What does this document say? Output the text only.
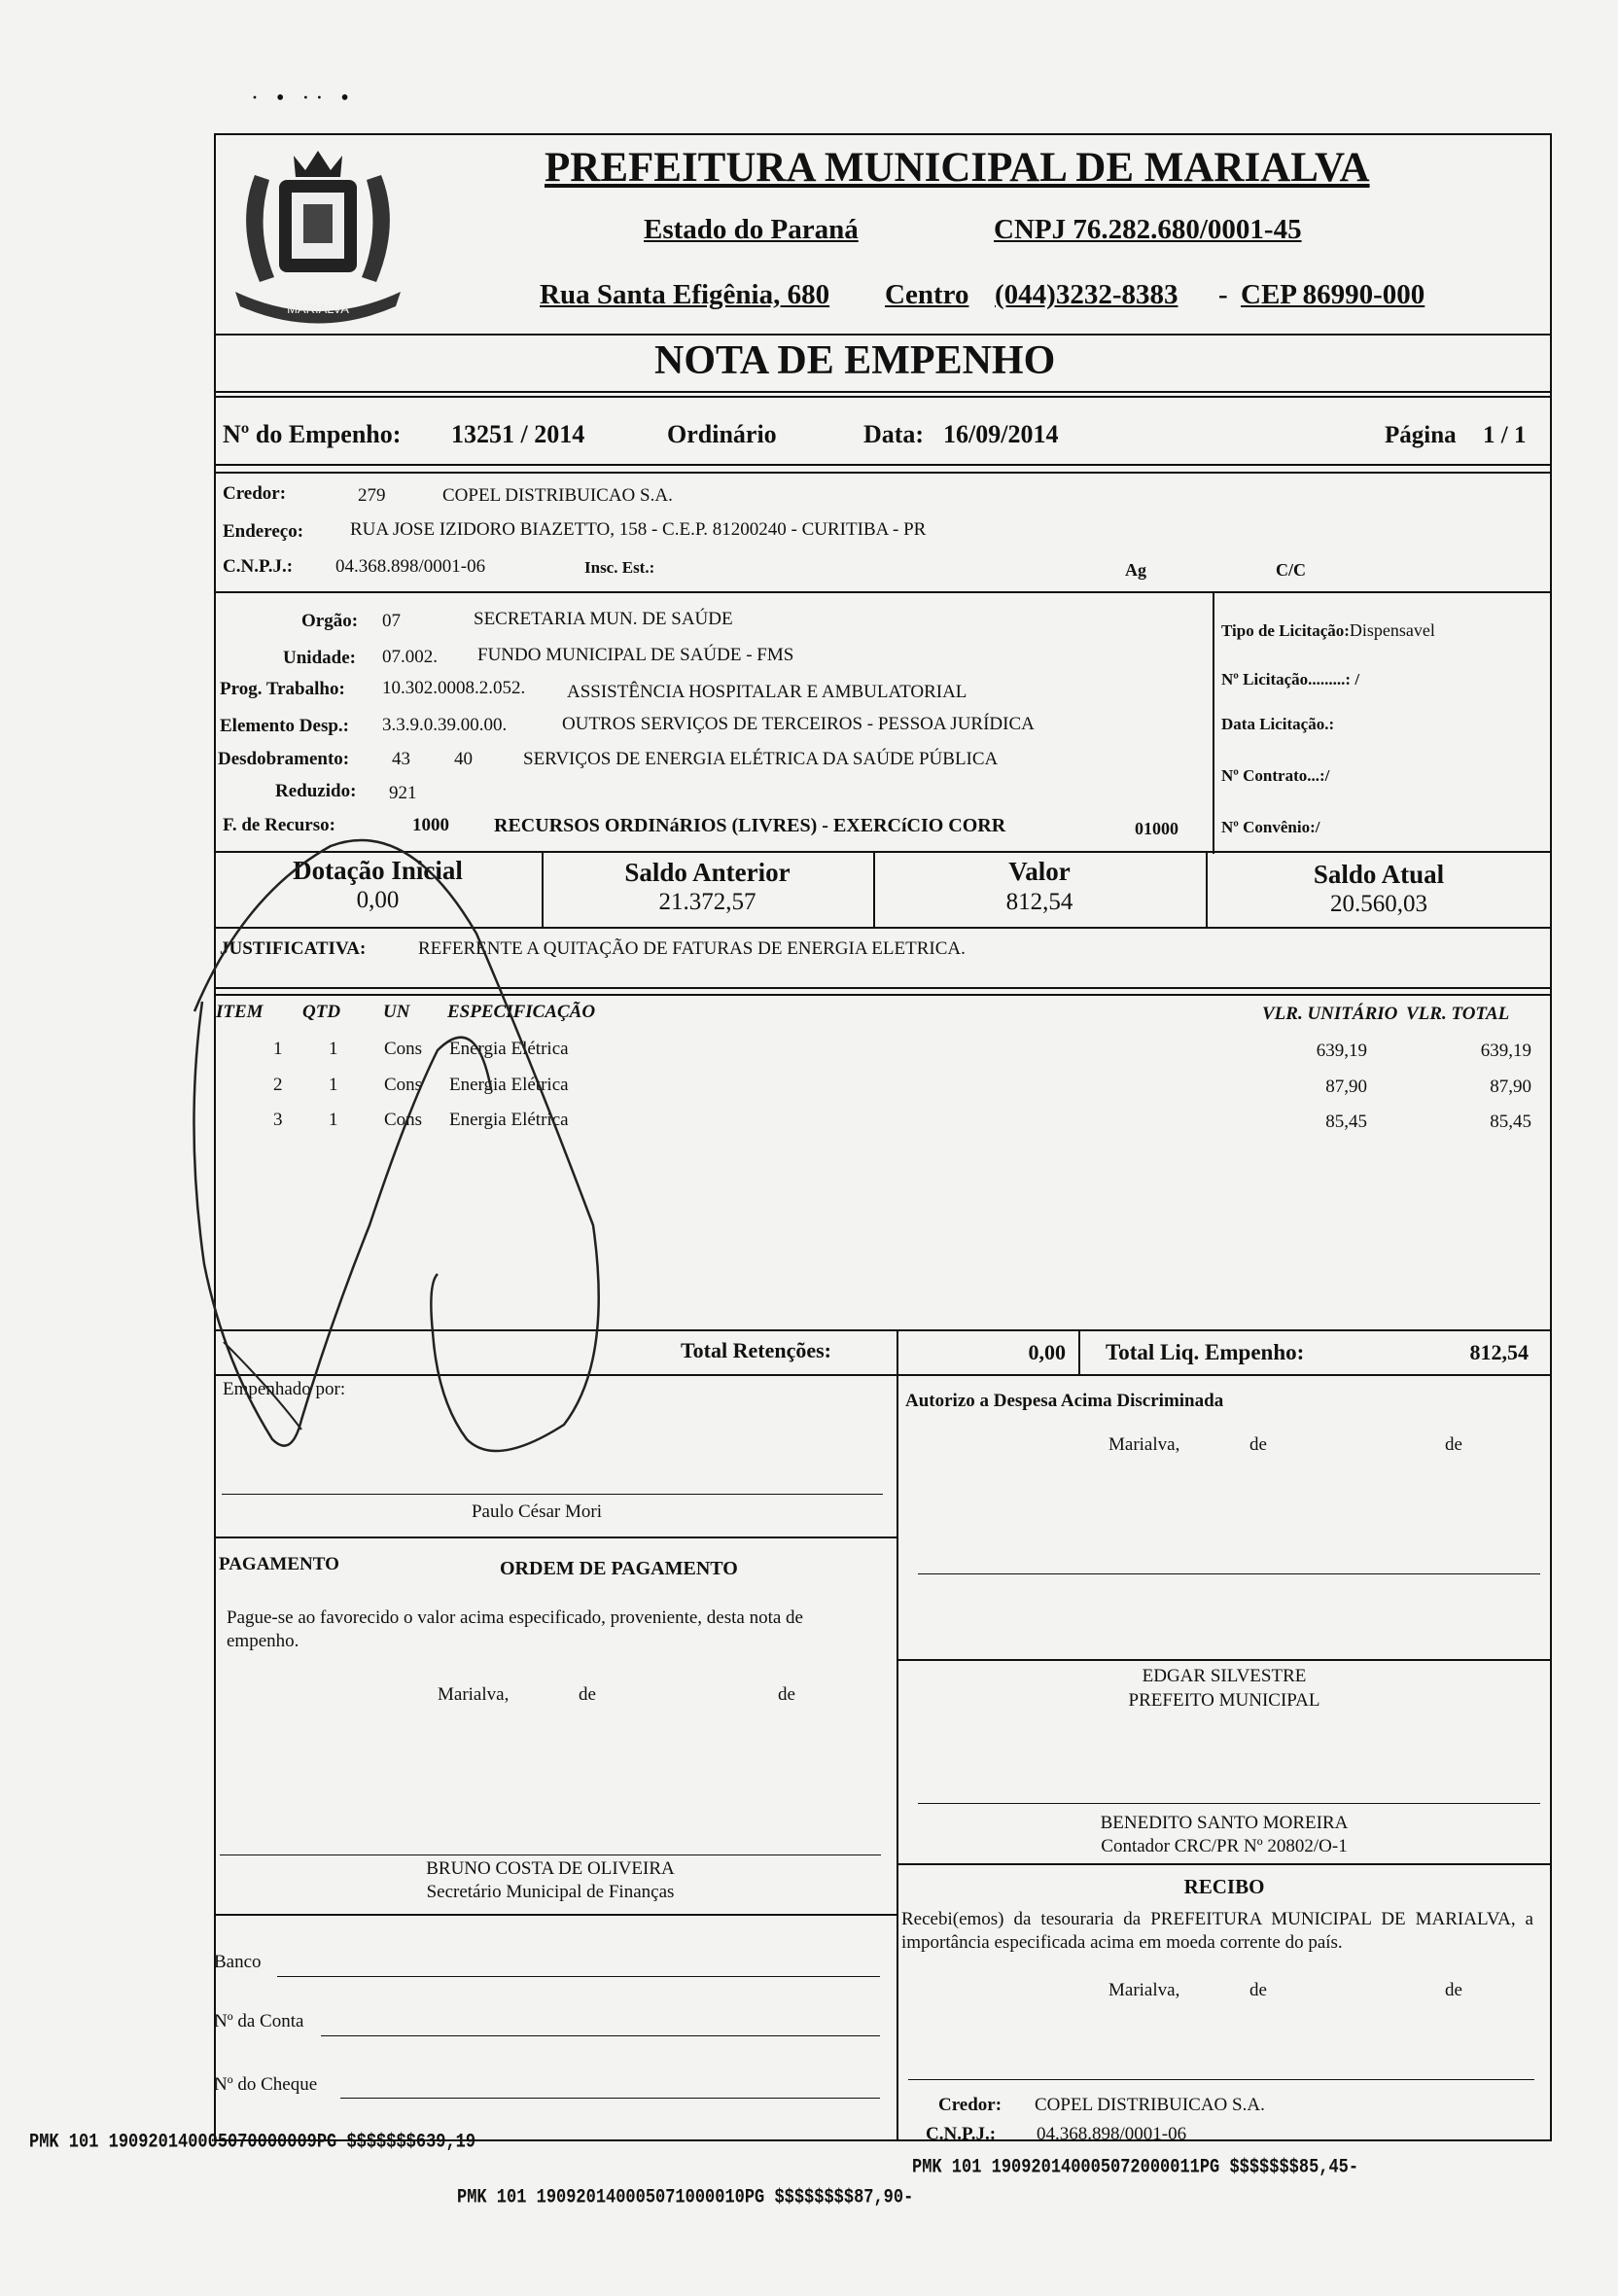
· • ·· •
MARIALVA
PREFEITURA MUNICIPAL DE MARIALVA
Estado do Paraná	CNPJ 76.282.680/0001-45
Rua Santa Efigênia, 680 Centro (044)3232-8383 - CEP 86990-000
NOTA DE EMPENHO
Nº do Empenho: 13251 / 2014	Ordinário	Data: 16/09/2014	Página 1 / 1
Credor:	279	COPEL DISTRIBUICAO S.A.
Endereço:	RUA JOSE IZIDORO BIAZETTO, 158 - C.E.P. 81200240 - CURITIBA - PR
C.N.P.J.: 04.368.898/0001-06	Insc. Est.:	Ag	C/C
Orgão: 07	SECRETARIA MUN. DE SAÚDE
Unidade: 07.002. FUNDO MUNICIPAL DE SAÚDE - FMS
Prog. Trabalho: 10.302.0008.2.052. ASSISTÊNCIA HOSPITALAR E AMBULATORIAL
Elemento Desp.: 3.3.9.0.39.00.00.	OUTROS SERVIÇOS DE TERCEIROS - PESSOA JURÍDICA
Desdobramento: 43 40	SERVIÇOS DE ENERGIA ELÉTRICA DA SAÚDE PÚBLICA
Reduzido: 921
F. de Recurso:	1000 RECURSOS ORDINáRIOS (LIVRES) - EXERCíCIO CORR	01000
Tipo de Licitação:Dispensavel
Nº Licitação.........: /
Data Licitação.:
Nº Contrato...:/
Nº Convênio:/
Dotação Inicial
0,00
Saldo Anterior
21.372,57
Valor
812,54
Saldo Atual
20.560,03
JUSTIFICATIVA:	REFERENTE A QUITAÇÃO DE FATURAS DE ENERGIA ELETRICA.
ITEM QTD UN ESPECIFICAÇÃO	VLR. UNITÁRIO VLR. TOTAL
1	1	Cons Energia Elétrica	639,19	639,19
2	1	Cons Energia Elétrica	87,90	87,90
3	1	Cons Energia Elétrica	85,45	85,45
Total Retenções:	0,00 Total Liq. Empenho:	812,54
Empenhado por:
Paulo César Mori
Autorizo a Despesa Acima Discriminada
Marialva,	de	de
EDGAR SILVESTRE
PREFEITO MUNICIPAL
BENEDITO SANTO MOREIRA
Contador CRC/PR Nº 20802/O-1
RECIBO
Recebi(emos) da tesouraria da PREFEITURA MUNICIPAL DE MARIALVA, a importância especificada acima em moeda corrente do país.
Marialva,	de	de
Credor: COPEL DISTRIBUICAO S.A.
C.N.P.J.: 04.368.898/0001-06
PAGAMENTO	ORDEM DE PAGAMENTO
Pague-se ao favorecido o valor acima especificado, proveniente, desta nota de empenho.
Marialva,	de	de
BRUNO COSTA DE OLIVEIRA
Secretário Municipal de Finanças
Banco
Nº da Conta
Nº do Cheque
PMK 101 190920140005070000009PG $$$$$$$639,19
PMK 101 190920140005071000010PG $$$$$$$$87,90-
PMK 101 190920140005072000011PG $$$$$$$85,45-
